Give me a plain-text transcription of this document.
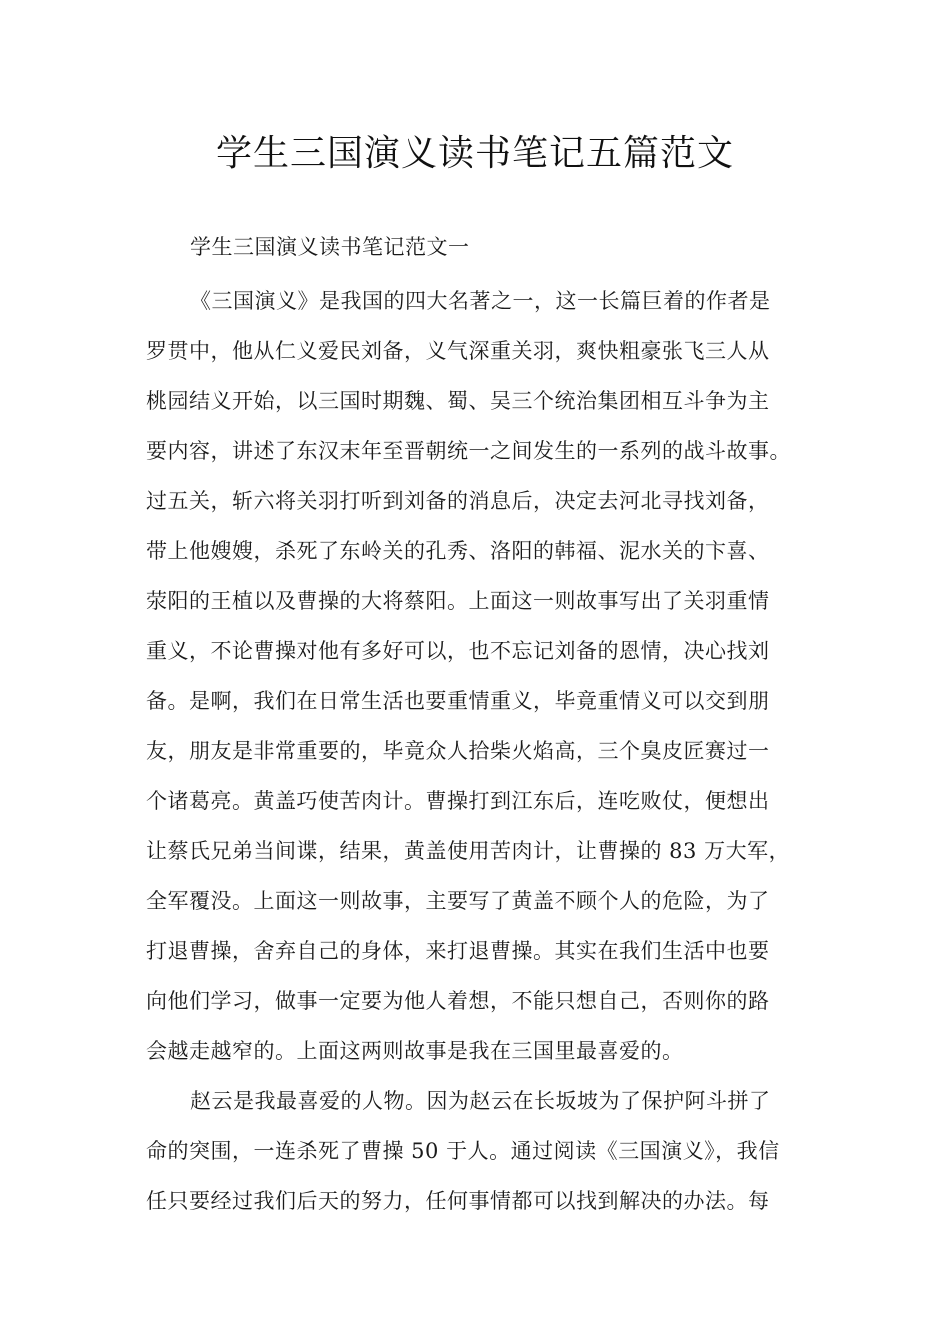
学生三国演义读书笔记五篇范文
学生三国演义读书笔记范文一
《三国演义》是我国的四大名著之一，这一长篇巨着的作者是
罗贯中，他从仁义爱民刘备，义气深重关羽，爽快粗豪张飞三人从
桃园结义开始，以三国时期魏、蜀、吴三个统治集团相互斗争为主
要内容，讲述了东汉末年至晋朝统一之间发生的一系列的战斗故事。
过五关，斩六将关羽打听到刘备的消息后，决定去河北寻找刘备，
带上他嫂嫂，杀死了东岭关的孔秀、洛阳的韩福、泥水关的卞喜、
荥阳的王植以及曹操的大将蔡阳。上面这一则故事写出了关羽重情
重义，不论曹操对他有多好可以，也不忘记刘备的恩情，决心找刘
备。是啊，我们在日常生活也要重情重义，毕竟重情义可以交到朋
友，朋友是非常重要的，毕竟众人拾柴火焰高，三个臭皮匠赛过一
个诸葛亮。黄盖巧使苦肉计。曹操打到江东后，连吃败仗，便想出
让蔡氏兄弟当间谍，结果，黄盖使用苦肉计，让曹操的 83 万大军，
全军覆没。上面这一则故事，主要写了黄盖不顾个人的危险，为了
打退曹操，舍弃自己的身体，来打退曹操。其实在我们生活中也要
向他们学习，做事一定要为他人着想，不能只想自己，否则你的路
会越走越窄的。上面这两则故事是我在三国里最喜爱的。
赵云是我最喜爱的人物。因为赵云在长坂坡为了保护阿斗拼了
命的突围，一连杀死了曹操 50 于人。通过阅读《三国演义》，我信
任只要经过我们后天的努力，任何事情都可以找到解决的办法。每
